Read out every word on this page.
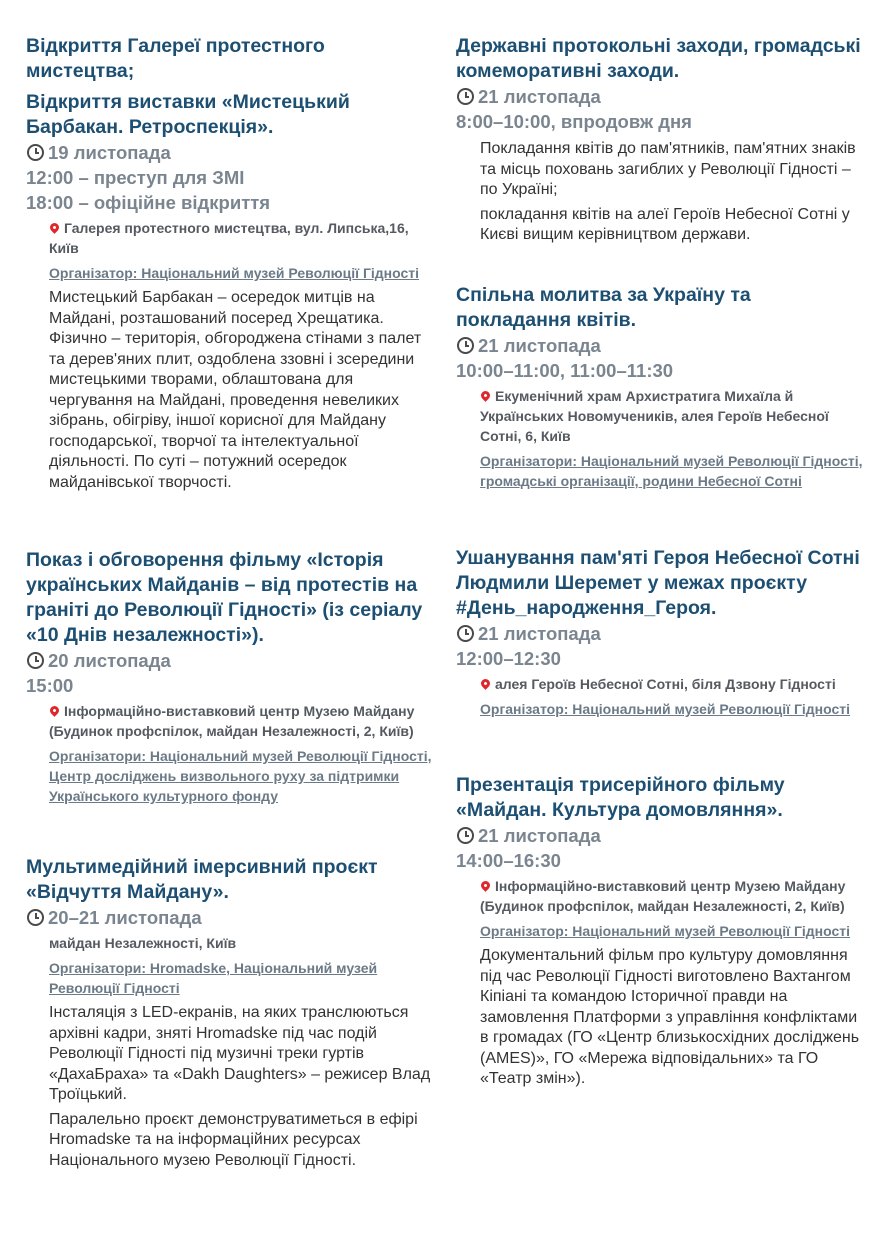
Відкриття Галереї протестного мистецтва;
Відкриття виставки «Мистецький Барбакан. Ретроспекція».
19 листопада
12:00 – преступ для ЗМІ
18:00 – офіційне відкриття
Галерея протестного мистецтва, вул. Липська,16, Київ
Організатор: Національний музей Революції Гідності
Мистецький Барбакан – осередок митців на Майдані, розташований посеред Хрещатика. Фізично – територія, обгороджена стінами з палет та дерев'яних плит, оздоблена ззовні і зсередини мистецькими творами, облаштована для чергування на Майдані, проведення невеликих зібрань, обігріву, іншої корисної для Майдану господарської, творчої та інтелектуальної діяльності. По суті – потужний осередок майданівської творчості.
Показ і обговорення фільму «Історія українських Майданів – від протестів на граніті до Революції Гідності» (із серіалу «10 Днів незалежності»).
20 листопада
15:00
Інформаційно-виставковий центр Музею Майдану (Будинок профспілок, майдан Незалежності, 2, Київ)
Організатори: Національний музей Революції Гідності, Центр досліджень визвольного руху за підтримки Українського культурного фонду
Мультимедійний імерсивний проєкт «Відчуття Майдану».
20–21 листопада
майдан Незалежності, Київ
Організатори: Hromadske, Національний музей Революції Гідності

Інсталяція з LED-екранів, на яких транслюються архівні кадри, зняті Hromadske під час подій Революції Гідності під музичні треки гуртів «ДахаБраха» та «Dakh Daughters» – режисер Влад Троїцький.

Паралельно проєкт демонструватиметься в ефірі Hromadske та на інформаційних ресурсах Національного музею Революції Гідності.

Державні протокольні заходи, громадські комеморативні заходи.
21 листопада
8:00–10:00, впродовж дня

Покладання квітів до пам'ятників, пам'ятних знаків та місць поховань загиблих у Революції Гідності – по Україні;

покладання квітів на алеї Героїв Небесної Сотні у Києві вищим керівництвом держави.

Спільна молитва за Україну та покладання квітів.
21 листопада
10:00–11:00, 11:00–11:30
Екуменічний храм Архистратига Михаїла й Українських Новомучеників, алея Героїв Небесної Сотні, 6, Київ
Організатори: Національний музей Революції Гідності, громадські організації, родини Небесної Сотні
Ушанування пам'яті Героя Небесної Сотні Людмили Шеремет у межах проєкту #День_народження_Героя.
21 листопада
12:00–12:30
алея Героїв Небесної Сотні, біля Дзвону Гідності
Організатор: Національний музей Революції Гідності
Презентація трисерійного фільму «Майдан. Культура домовляння».
21 листопада
14:00–16:30
Інформаційно-виставковий центр Музею Майдану (Будинок профспілок, майдан Незалежності, 2, Київ)
Організатор: Національний музей Революції Гідності
Документальний фільм про культуру домовляння під час Революції Гідності виготовлено Вахтангом Кіпіані та командою Історичної правди на замовлення Платформи з управління конфліктами в громадах (ГО «Центр близькосхідних досліджень (AMES)», ГО «Мережа відповідальних» та ГО «Театр змін»).
